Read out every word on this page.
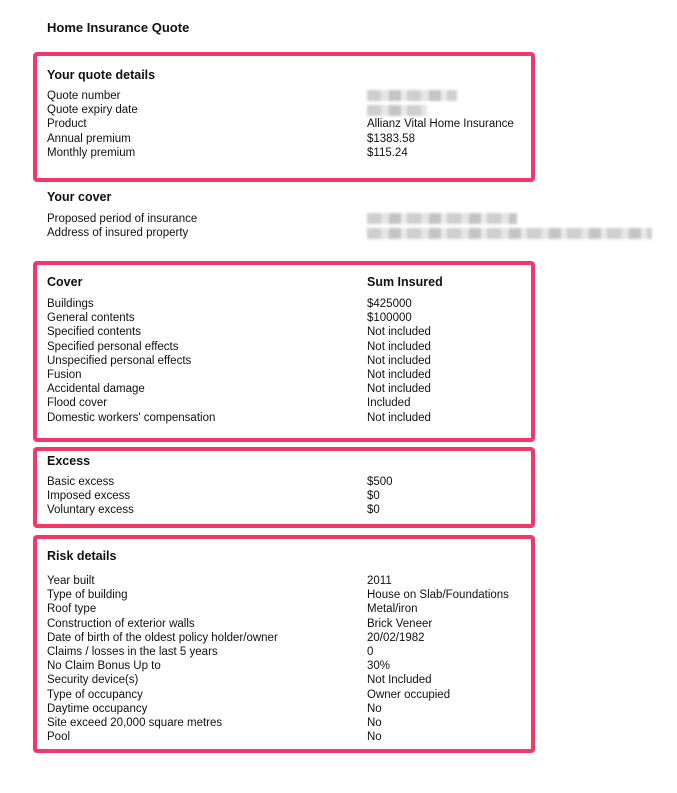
Home Insurance Quote
Your quote details
Quote number
Quote expiry date
Product	Allianz Vital Home Insurance
Annual premium	$1383.58
Monthly premium	$115.24
Your cover
Proposed period of insurance
Address of insured property
Cover	Sum Insured
Buildings	$425000
General contents	$100000
Specified contents	Not included
Specified personal effects	Not included
Unspecified personal effects	Not included
Fusion	Not included
Accidental damage	Not included
Flood cover	Included
Domestic workers' compensation	Not included
Excess
Basic excess	$500
Imposed excess	$0
Voluntary excess	$0
Risk details
Year built	2011
Type of building	House on Slab/Foundations
Roof type	Metal/iron
Construction of exterior walls	Brick Veneer
Date of birth of the oldest policy holder/owner	20/02/1982
Claims / losses in the last 5 years	0
No Claim Bonus Up to	30%
Security device(s)	Not Included
Type of occupancy	Owner occupied
Daytime occupancy	No
Site exceed 20,000 square metres	No
Pool	No
